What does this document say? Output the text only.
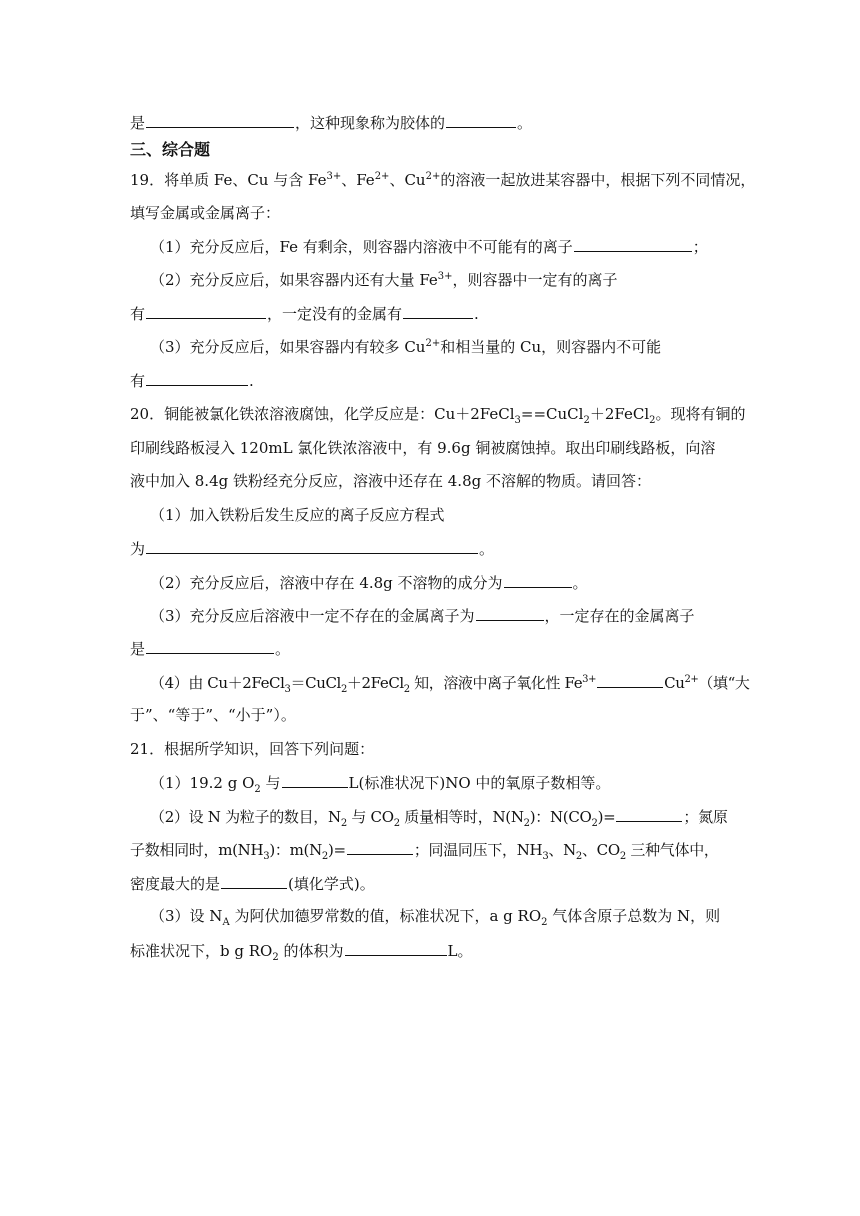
是	，这种现象称为胶体的	。
三、综合题
19．将单质 Fe、Cu 与含 $Fe^{3+}$、$Fe^{2+}$、$Cu^{2+}$的溶液一起放进某容器中，根据下列不同情况，
填写金属或金属离子：
（1）充分反应后，Fe 有剩余，则容器内溶液中不可能有的离子	；
（2）充分反应后，如果容器内还有大量 $Fe^{3+}$，则容器中一定有的离子
有	，一定没有的金属有	.
（3）充分反应后，如果容器内有较多 $Cu^{2+}$和相当量的 Cu，则容器内不可能
有	.
20．铜能被氯化铁浓溶液腐蚀，化学反应是：Cu＋2FeCl$_3$==CuCl$_2$＋2FeCl$_2$。现将有铜的
印刷线路板浸入 120mL 氯化铁浓溶液中，有 9.6g 铜被腐蚀掉。取出印刷线路板，向溶
液中加入 8.4g 铁粉经充分反应，溶液中还存在 4.8g 不溶解的物质。请回答：
（1）加入铁粉后发生反应的离子反应方程式
为	。
（2）充分反应后，溶液中存在 4.8g 不溶物的成分为	。
（3）充分反应后溶液中一定不存在的金属离子为	，一定存在的金属离子
是	。
（4）由 Cu＋2FeCl$_3$＝CuCl$_2$＋2FeCl$_2$ 知，溶液中离子氧化性 $Fe^{3+}$	$Cu^{2+}$（填“大
于”、“等于”、“小于”）。
21．根据所学知识，回答下列问题：
（1）19.2 g $O_2$ 与	L(标准状况下)NO 中的氧原子数相等。
（2）设 N 为粒子的数目，$N_2$ 与 $CO_2$ 质量相等时，$N(N_2)$：$N(CO_2)=$	；氮原
子数相同时，$m(NH_3)$：$m(N_2)=$	；同温同压下，$NH_3$、$N_2$、$CO_2$ 三种气体中，
密度最大的是	(填化学式)。
（3）设 $N_A$ 为阿伏加德罗常数的值，标准状况下，a g $RO_2$ 气体含原子总数为 N，则
标准状况下，b g $RO_2$ 的体积为	L。
